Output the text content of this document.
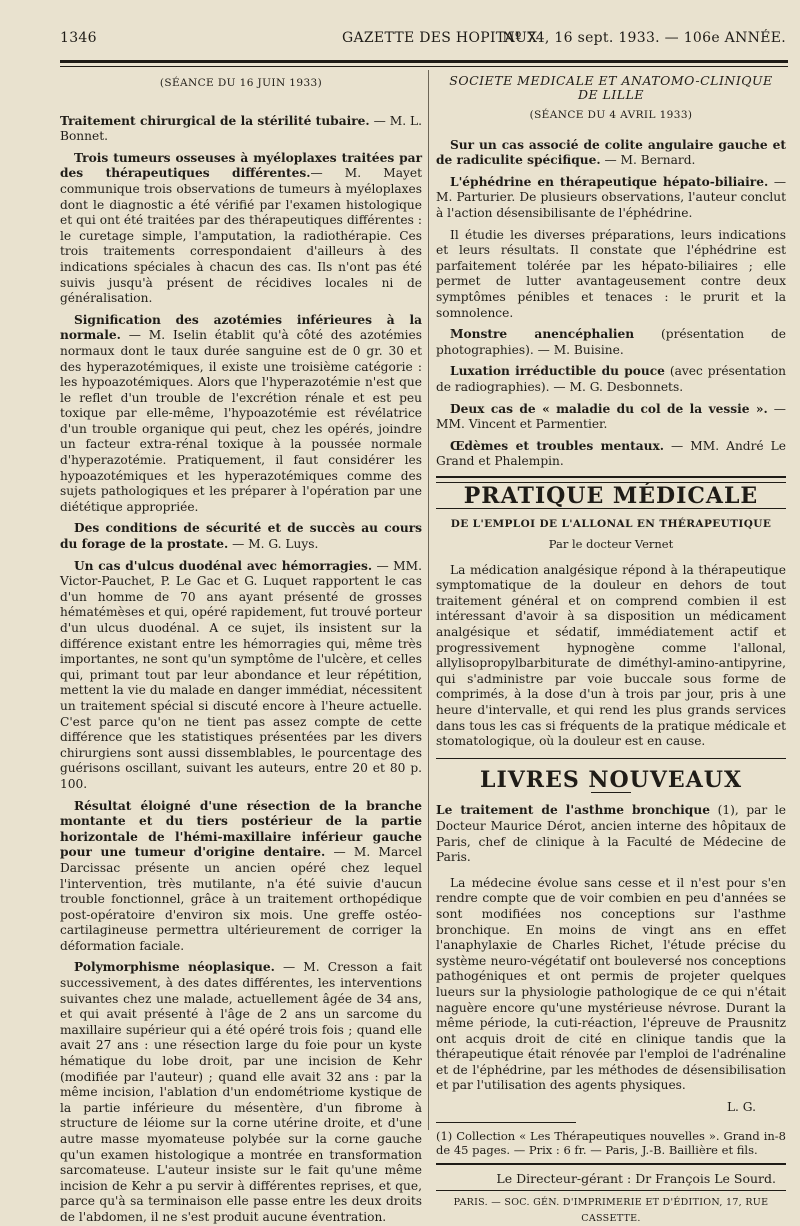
1346	GAZETTE DES HOPITAUX
Nº 74, 16 sept. 1933. — 106e ANNÉE.
(SÉANCE DU 16 JUIN 1933)

Traitement chirurgical de la stérilité tubaire. — M. L. Bonnet.

Trois tumeurs osseuses à myéloplaxes traitées par des thérapeutiques différentes.— M. Mayet communique trois observations de tumeurs à myéloplaxes dont le diagnostic a été vérifié par l'examen histologique et qui ont été traitées par des thérapeutiques différentes : le curetage simple, l'amputation, la radiothérapie. Ces trois traitements correspondaient d'ailleurs à des indications spéciales à chacun des cas. Ils n'ont pas été suivis jusqu'à présent de récidives locales ni de généralisation.

Signification des azotémies inférieures à la normale. — M. Iselin établit qu'à côté des azotémies normaux dont le taux durée sanguine est de 0 gr. 30 et des hyperazotémiques, il existe une troisième catégorie : les hypoazotémiques. Alors que l'hyperazotémie n'est que le reflet d'un trouble de l'excrétion rénale et est peu toxique par elle-même, l'hypoazotémie est révélatrice d'un trouble organique qui peut, chez les opérés, joindre un facteur extra-rénal toxique à la poussée normale d'hyperazotémie. Pratiquement, il faut considérer les hypoazotémiques et les hyperazotémiques comme des sujets pathologiques et les préparer à l'opération par une diététique appropriée.

Des conditions de sécurité et de succès au cours du forage de la prostate. — M. G. Luys.

Un cas d'ulcus duodénal avec hémorragies. — MM. Victor-Pauchet, P. Le Gac et G. Luquet rapportent le cas d'un homme de 70 ans ayant présenté de grosses hématémèses et qui, opéré rapidement, fut trouvé porteur d'un ulcus duodénal. A ce sujet, ils insistent sur la différence existant entre les hémorragies qui, même très importantes, ne sont qu'un symptôme de l'ulcère, et celles qui, primant tout par leur abondance et leur répétition, mettent la vie du malade en danger immédiat, nécessitent un traitement spécial si discuté encore à l'heure actuelle. C'est parce qu'on ne tient pas assez compte de cette différence que les statistiques présentées par les divers chirurgiens sont aussi dissemblables, le pourcentage des guérisons oscillant, suivant les auteurs, entre 20 et 80 p. 100.

Résultat éloigné d'une résection de la branche montante et du tiers postérieur de la partie horizontale de l'hémi-maxillaire inférieur gauche pour une tumeur d'origine dentaire. — M. Marcel Darcissac présente un ancien opéré chez lequel l'intervention, très mutilante, n'a été suivie d'aucun trouble fonctionnel, grâce à un traitement orthopédique post-opératoire d'environ six mois. Une greffe ostéo-cartilagineuse permettra ultérieurement de corriger la déformation faciale.

Polymorphisme néoplasique. — M. Cresson a fait successivement, à des dates différentes, les interventions suivantes chez une malade, actuellement âgée de 34 ans, et qui avait présenté à l'âge de 2 ans un sarcome du maxillaire supérieur qui a été opéré trois fois ; quand elle avait 27 ans : une résection large du foie pour un kyste hématique du lobe droit, par une incision de Kehr (modifiée par l'auteur) ; quand elle avait 32 ans : par la même incision, l'ablation d'un endométriome kystique de la partie inférieure du mésentère, d'un fibrome à structure de léiome sur la corne utérine droite, et d'une autre masse myomateuse polybée sur la corne gauche qu'un examen histologique a montrée en transformation sarcomateuse. L'auteur insiste sur le fait qu'une même incision de Kehr a pu servir à différentes reprises, et que, parce qu'à sa terminaison elle passe entre les deux droits de l'abdomen, il ne s'est produit aucune éventration.

SOCIETE MEDICALE ET ANATOMO-CLINIQUE
DE LILLE
(SÉANCE DU 4 AVRIL 1933)

Sur un cas associé de colite angulaire gauche et de radiculite spécifique. — M. Bernard.

L'éphédrine en thérapeutique hépato-biliaire. — M. Parturier. De plusieurs observations, l'auteur conclut à l'action désensibilisante de l'éphédrine.

Il étudie les diverses préparations, leurs indications et leurs résultats. Il constate que l'éphédrine est parfaitement tolérée par les hépato-biliaires ; elle permet de lutter avantageusement contre deux symptômes pénibles et tenaces : le prurit et la somnolence.

Monstre anencéphalien (présentation de photographies). — M. Buisine.

Luxation irréductible du pouce (avec présentation de radiographies). — M. G. Desbonnets.

Deux cas de « maladie du col de la vessie ». — MM. Vincent et Parmentier.

Œdèmes et troubles mentaux. — MM. André Le Grand et Phalempin.

PRATIQUE MÉDICALE
DE L'EMPLOI DE L'ALLONAL EN THÉRAPEUTIQUE
Par le docteur Vernet

La médication analgésique répond à la thérapeutique symptomatique de la douleur en dehors de tout traitement général et on comprend combien il est intéressant d'avoir à sa disposition un médicament analgésique et sédatif, immédiatement actif et progressivement hypnogène comme l'allonal, allylisopropylbarbiturate de diméthyl-amino-antipyrine, qui s'administre par voie buccale sous forme de comprimés, à la dose d'un à trois par jour, pris à une heure d'intervalle, et qui rend les plus grands services dans tous les cas si fréquents de la pratique médicale et stomatologique, où la douleur est en cause.

LIVRES NOUVEAUX

Le traitement de l'asthme bronchique (1), par le Docteur Maurice Dérot, ancien interne des hôpitaux de Paris, chef de clinique à la Faculté de Médecine de Paris.

La médecine évolue sans cesse et il n'est pour s'en rendre compte que de voir combien en peu d'années se sont modifiées nos conceptions sur l'asthme bronchique. En moins de vingt ans en effet l'anaphylaxie de Charles Richet, l'étude précise du système neuro-végétatif ont bouleversé nos conceptions pathogéniques et ont permis de projeter quelques lueurs sur la physiologie pathologique de ce qui n'était naguère encore qu'une mystérieuse névrose. Durant la même période, la cuti-réaction, l'épreuve de Prausnitz ont acquis droit de cité en clinique tandis que la thérapeutique était rénovée par l'emploi de l'adrénaline et de l'éphédrine, par les méthodes de désensibilisation et par l'utilisation des agents physiques.

L. G.
(1) Collection « Les Thérapeutiques nouvelles ». Grand in-8 de 45 pages. — Prix : 6 fr. — Paris, J.-B. Baillière et fils.
Le Directeur-gérant : Dr François Le Sourd.
PARIS. — SOC. GÉN. D'IMPRIMERIE ET D'ÉDITION, 17, RUE CASSETTE.
